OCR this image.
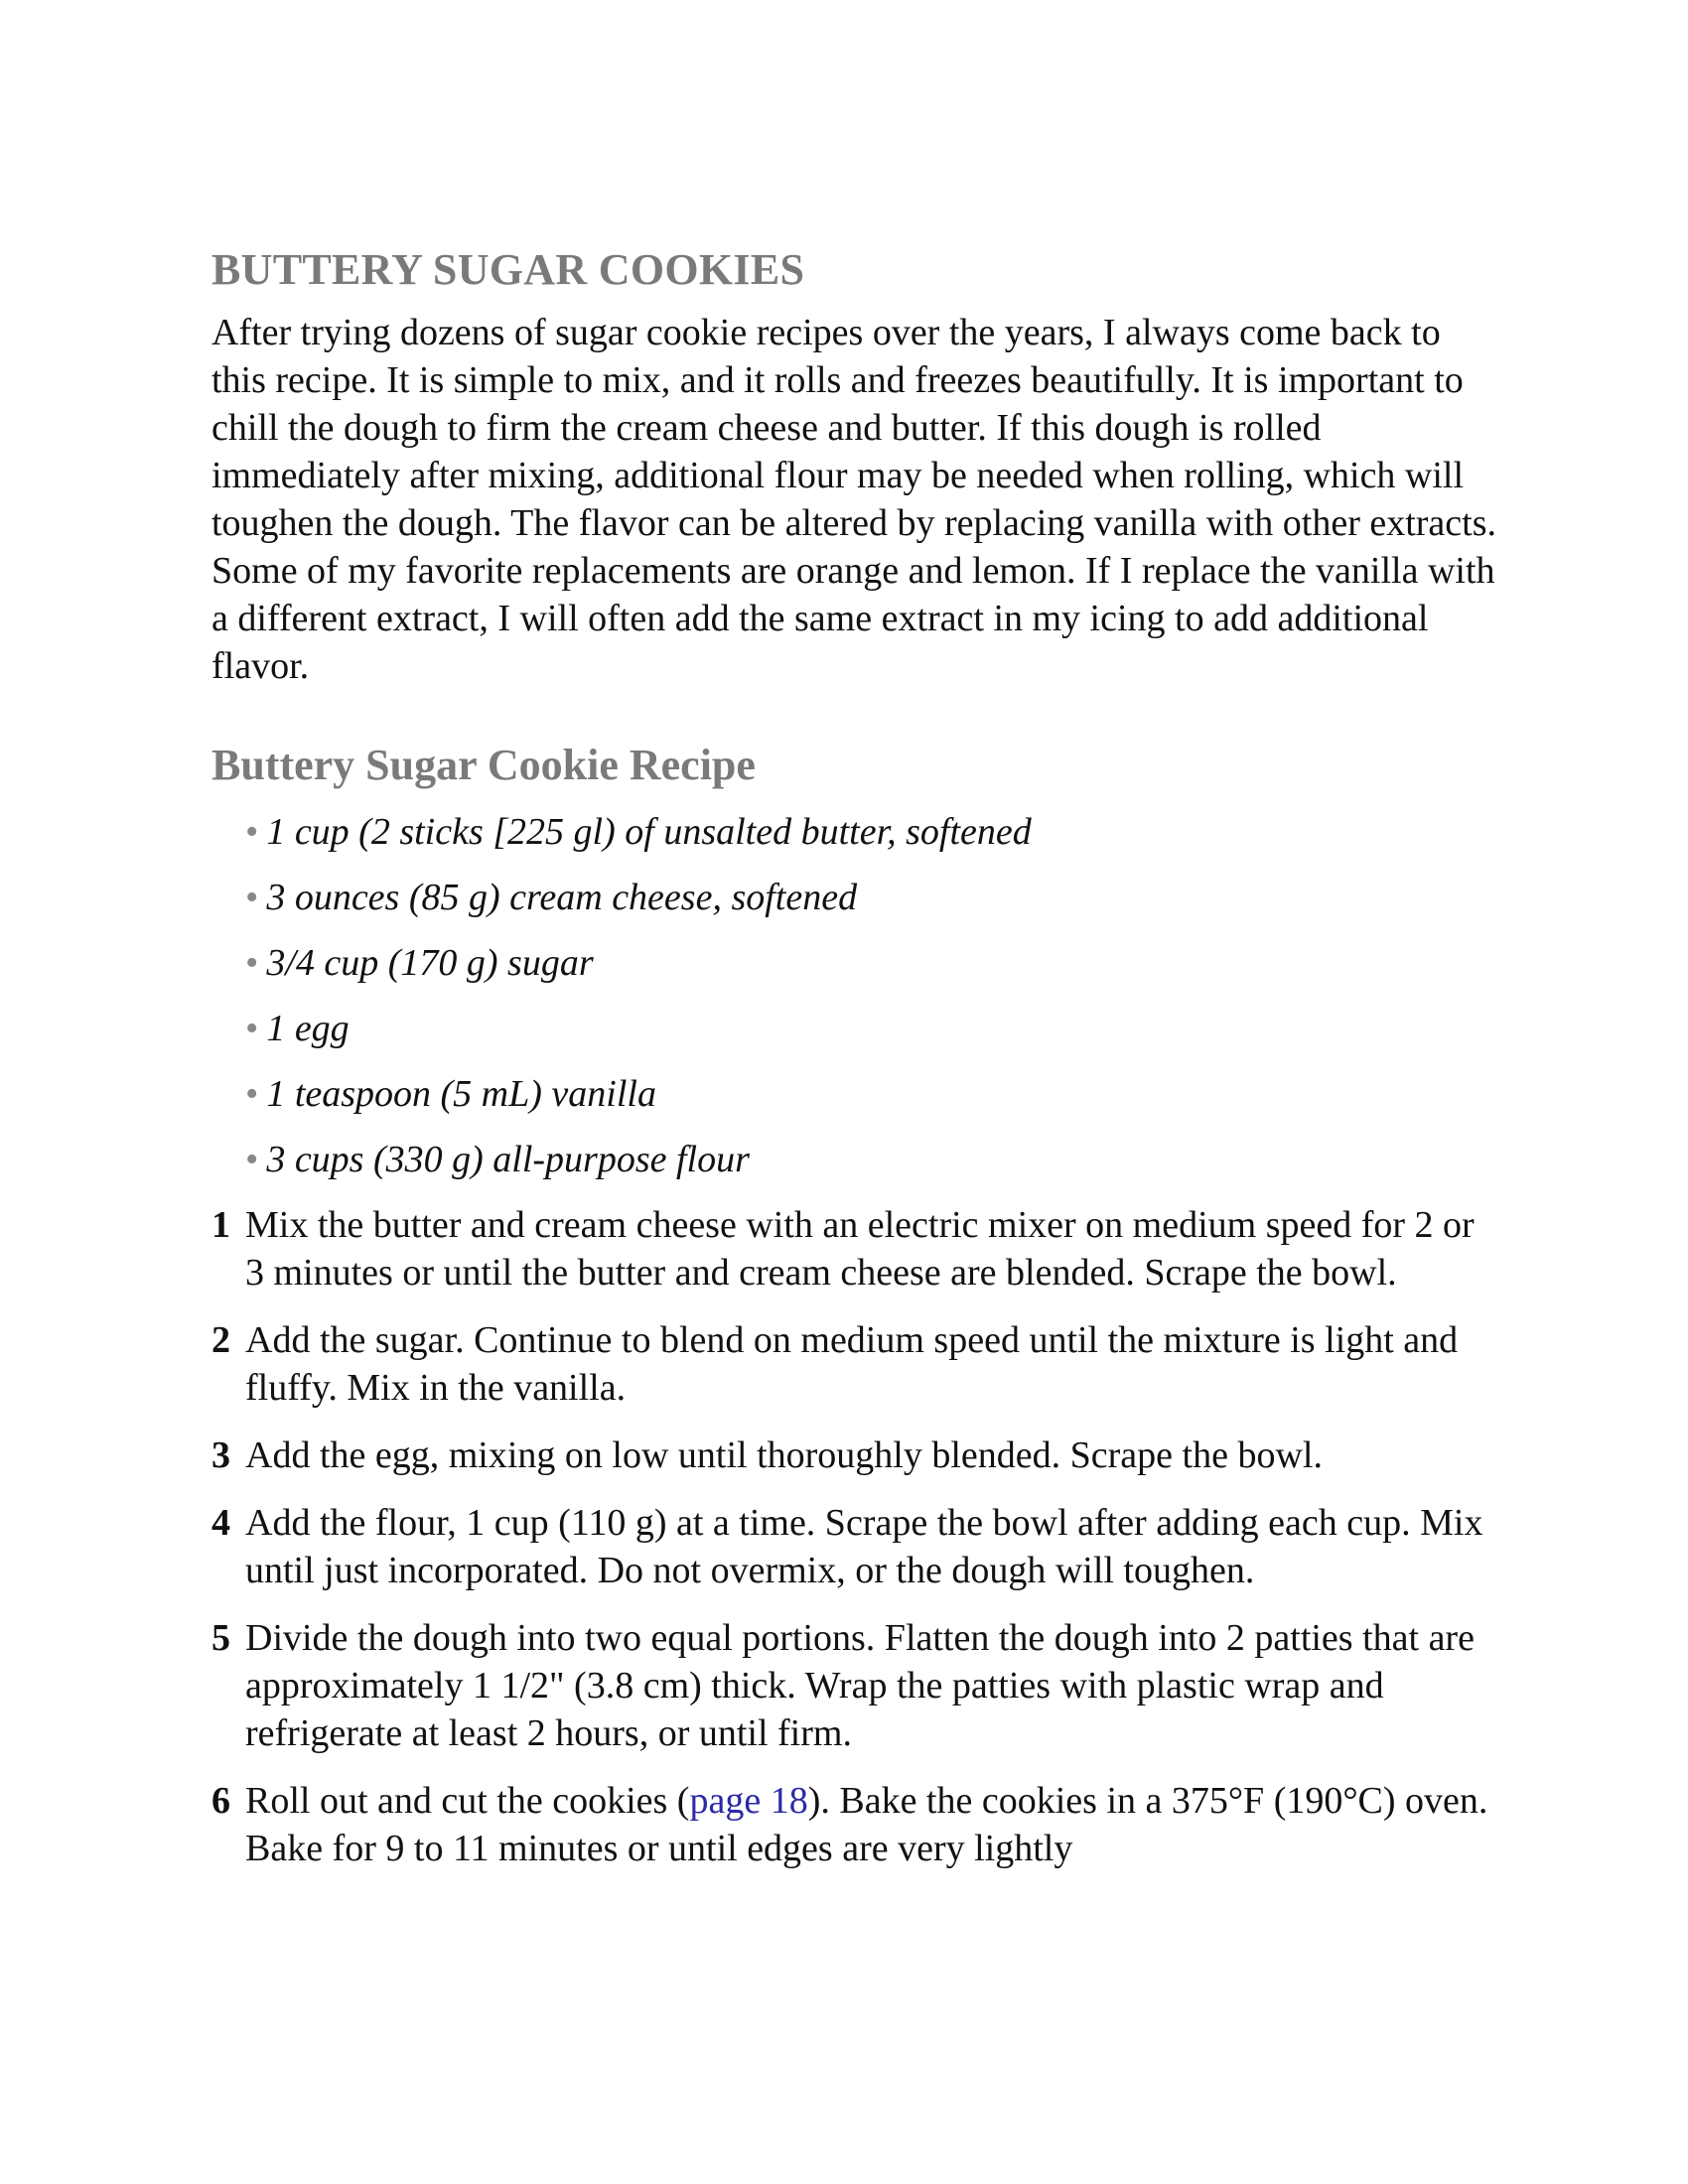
BUTTERY SUGAR COOKIES

After trying dozens of sugar cookie recipes over the years, I always come back to this recipe. It is simple to mix, and it rolls and freezes beautifully. It is important to chill the dough to firm the cream cheese and butter. If this dough is rolled immediately after mixing, additional flour may be needed when rolling, which will toughen the dough. The flavor can be altered by replacing vanilla with other extracts. Some of my favorite replacements are orange and lemon. If I replace the vanilla with a different extract, I will often add the same extract in my icing to add additional flavor.

Buttery Sugar Cookie Recipe
• 1 cup (2 sticks [225 gl) of unsalted butter, softened
• 3 ounces (85 g) cream cheese, softened
• 3/4 cup (170 g) sugar
• 1 egg
• 1 teaspoon (5 mL) vanilla
• 3 cups (330 g) all-purpose flour
1 Mix the butter and cream cheese with an electric mixer on medium speed for 2 or 3 minutes or until the butter and cream cheese are blended. Scrape the bowl.
2 Add the sugar. Continue to blend on medium speed until the mixture is light and fluffy. Mix in the vanilla.
3 Add the egg, mixing on low until thoroughly blended. Scrape the bowl.
4 Add the flour, 1 cup (110 g) at a time. Scrape the bowl after adding each cup. Mix until just incorporated. Do not overmix, or the dough will toughen.
5 Divide the dough into two equal portions. Flatten the dough into 2 patties that are approximately 1 1/2" (3.8 cm) thick. Wrap the patties with plastic wrap and refrigerate at least 2 hours, or until firm.
6 Roll out and cut the cookies (page 18). Bake the cookies in a 375°F (190°C) oven. Bake for 9 to 11 minutes or until edges are very lightly
